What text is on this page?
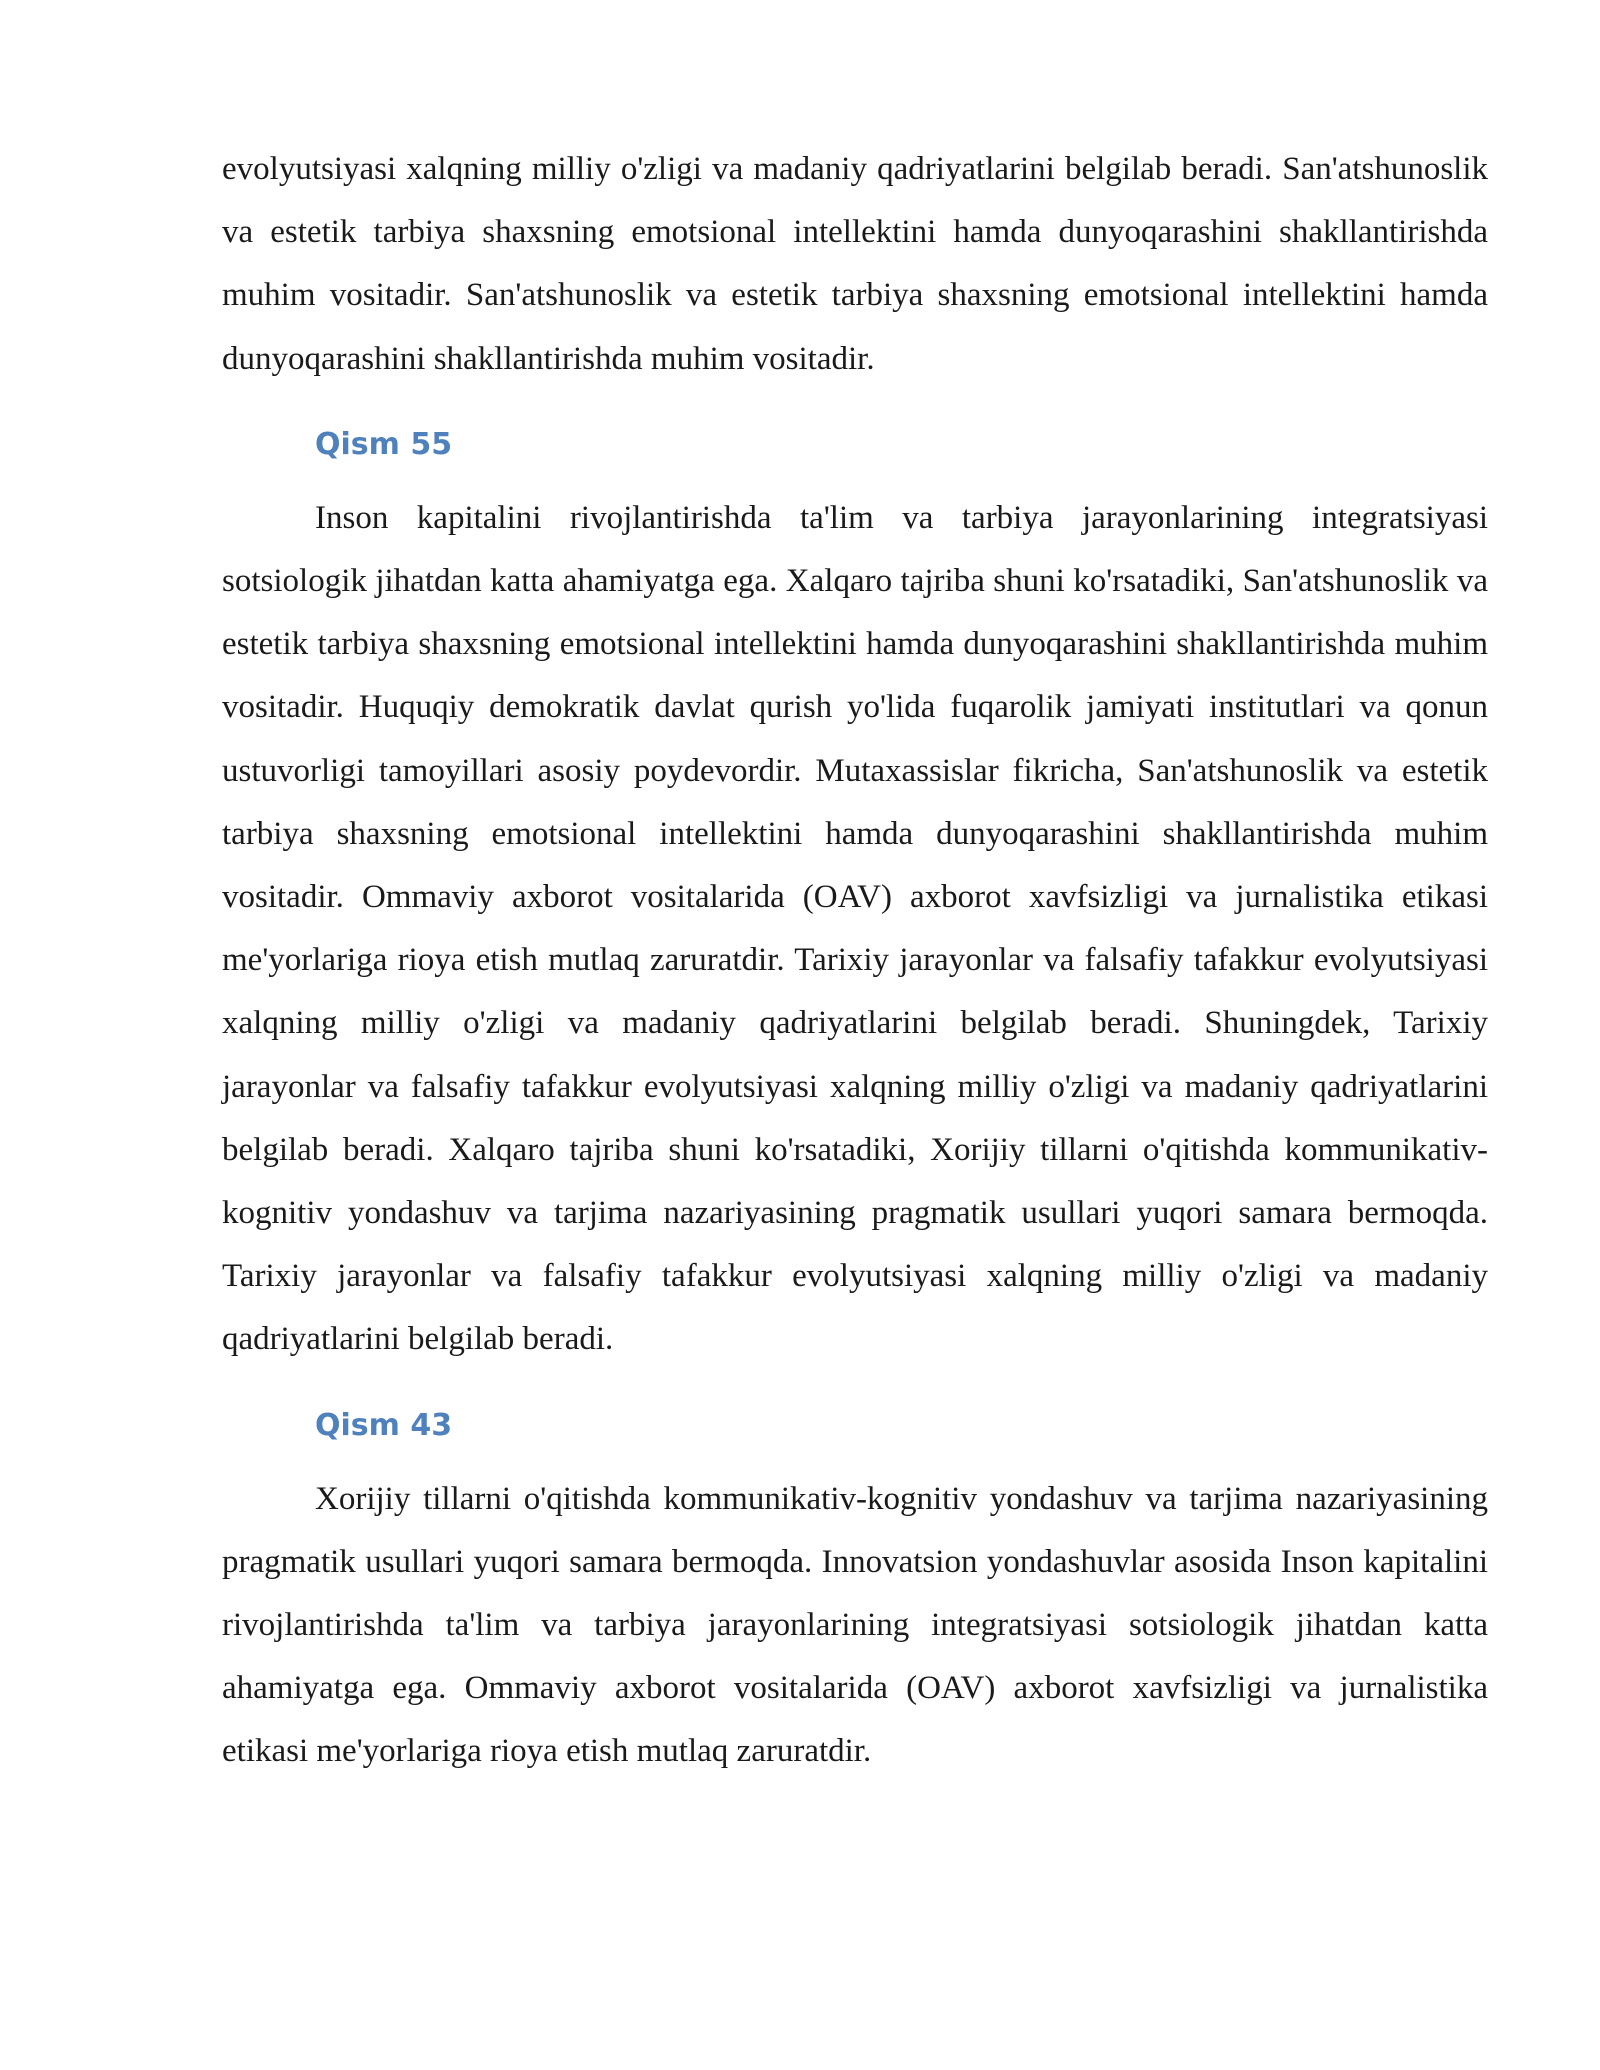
evolyutsiyasi xalqning milliy o'zligi va madaniy qadriyatlarini belgilab beradi. San'atshunoslik va estetik tarbiya shaxsning emotsional intellektini hamda dunyoqarashini shakllantirishda muhim vositadir. San'atshunoslik va estetik tarbiya shaxsning emotsional intellektini hamda dunyoqarashini shakllantirishda muhim vositadir.

Qism 55

Inson kapitalini rivojlantirishda ta'lim va tarbiya jarayonlarining integratsiyasi sotsiologik jihatdan katta ahamiyatga ega. Xalqaro tajriba shuni ko'rsatadiki, San'atshunoslik va estetik tarbiya shaxsning emotsional intellektini hamda dunyoqarashini shakllantirishda muhim vositadir. Huquqiy demokratik davlat qurish yo'lida fuqarolik jamiyati institutlari va qonun ustuvorligi tamoyillari asosiy poydevordir. Mutaxassislar fikricha, San'atshunoslik va estetik tarbiya shaxsning emotsional intellektini hamda dunyoqarashini shakllantirishda muhim vositadir. Ommaviy axborot vositalarida (OAV) axborot xavfsizligi va jurnalistika etikasi me'yorlariga rioya etish mutlaq zaruratdir. Tarixiy jarayonlar va falsafiy tafakkur evolyutsiyasi xalqning milliy o'zligi va madaniy qadriyatlarini belgilab beradi. Shuningdek, Tarixiy jarayonlar va falsafiy tafakkur evolyutsiyasi xalqning milliy o'zligi va madaniy qadriyatlarini belgilab beradi. Xalqaro tajriba shuni ko'rsatadiki, Xorijiy tillarni o'qitishda kommunikativ-kognitiv yondashuv va tarjima nazariyasining pragmatik usullari yuqori samara bermoqda. Tarixiy jarayonlar va falsafiy tafakkur evolyutsiyasi xalqning milliy o'zligi va madaniy qadriyatlarini belgilab beradi.

Qism 43

Xorijiy tillarni o'qitishda kommunikativ-kognitiv yondashuv va tarjima nazariyasining pragmatik usullari yuqori samara bermoqda. Innovatsion yondashuvlar asosida Inson kapitalini rivojlantirishda ta'lim va tarbiya jarayonlarining integratsiyasi sotsiologik jihatdan katta ahamiyatga ega. Ommaviy axborot vositalarida (OAV) axborot xavfsizligi va jurnalistika etikasi me'yorlariga rioya etish mutlaq zaruratdir.
